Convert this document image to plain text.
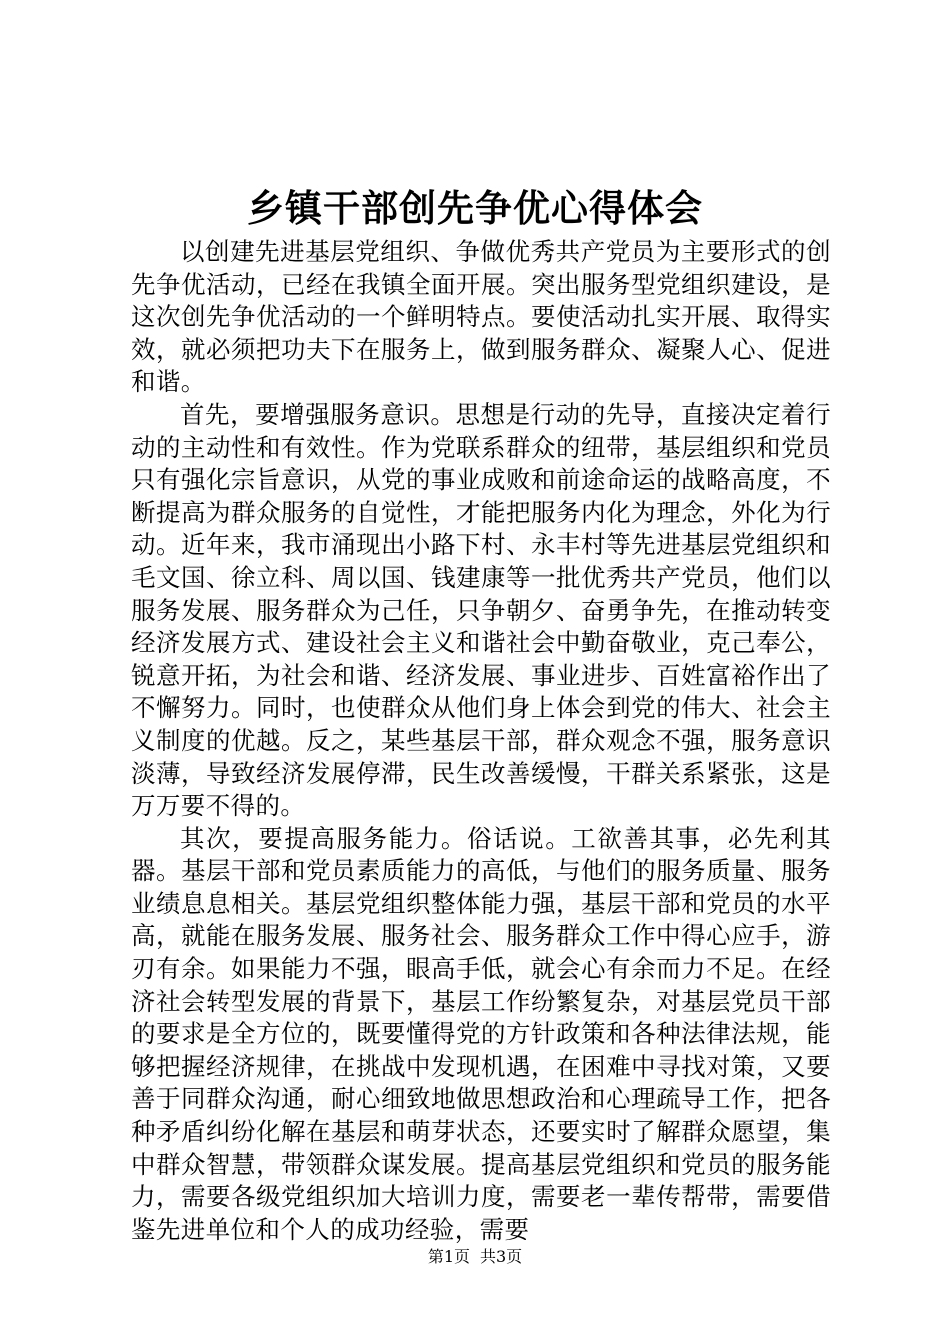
乡镇干部创先争优心得体会

以创建先进基层党组织、争做优秀共产党员为主要形式的创先争优活动，已经在我镇全面开展。突出服务型党组织建设，是这次创先争优活动的一个鲜明特点。要使活动扎实开展、取得实效，就必须把功夫下在服务上，做到服务群众、凝聚人心、促进和谐。

首先，要增强服务意识。思想是行动的先导，直接决定着行动的主动性和有效性。作为党联系群众的纽带，基层组织和党员只有强化宗旨意识，从党的事业成败和前途命运的战略高度，不断提高为群众服务的自觉性，才能把服务内化为理念，外化为行动。近年来，我市涌现出小路下村、永丰村等先进基层党组织和毛文国、徐立科、周以国、钱建康等一批优秀共产党员，他们以服务发展、服务群众为己任，只争朝夕、奋勇争先，在推动转变经济发展方式、建设社会主义和谐社会中勤奋敬业，克己奉公，锐意开拓，为社会和谐、经济发展、事业进步、百姓富裕作出了不懈努力。同时，也使群众从他们身上体会到党的伟大、社会主义制度的优越。反之，某些基层干部，群众观念不强，服务意识淡薄，导致经济发展停滞，民生改善缓慢，干群关系紧张，这是万万要不得的。

其次，要提高服务能力。俗话说。工欲善其事，必先利其器。基层干部和党员素质能力的高低，与他们的服务质量、服务业绩息息相关。基层党组织整体能力强，基层干部和党员的水平高，就能在服务发展、服务社会、服务群众工作中得心应手，游刃有余。如果能力不强，眼高手低，就会心有余而力不足。在经济社会转型发展的背景下，基层工作纷繁复杂，对基层党员干部的要求是全方位的，既要懂得党的方针政策和各种法律法规，能够把握经济规律，在挑战中发现机遇，在困难中寻找对策，又要善于同群众沟通，耐心细致地做思想政治和心理疏导工作，把各种矛盾纠纷化解在基层和萌芽状态，还要实时了解群众愿望，集中群众智慧，带领群众谋发展。提高基层党组织和党员的服务能力，需要各级党组织加大培训力度，需要老一辈传帮带，需要借鉴先进单位和个人的成功经验，需要

第1页 共3页
